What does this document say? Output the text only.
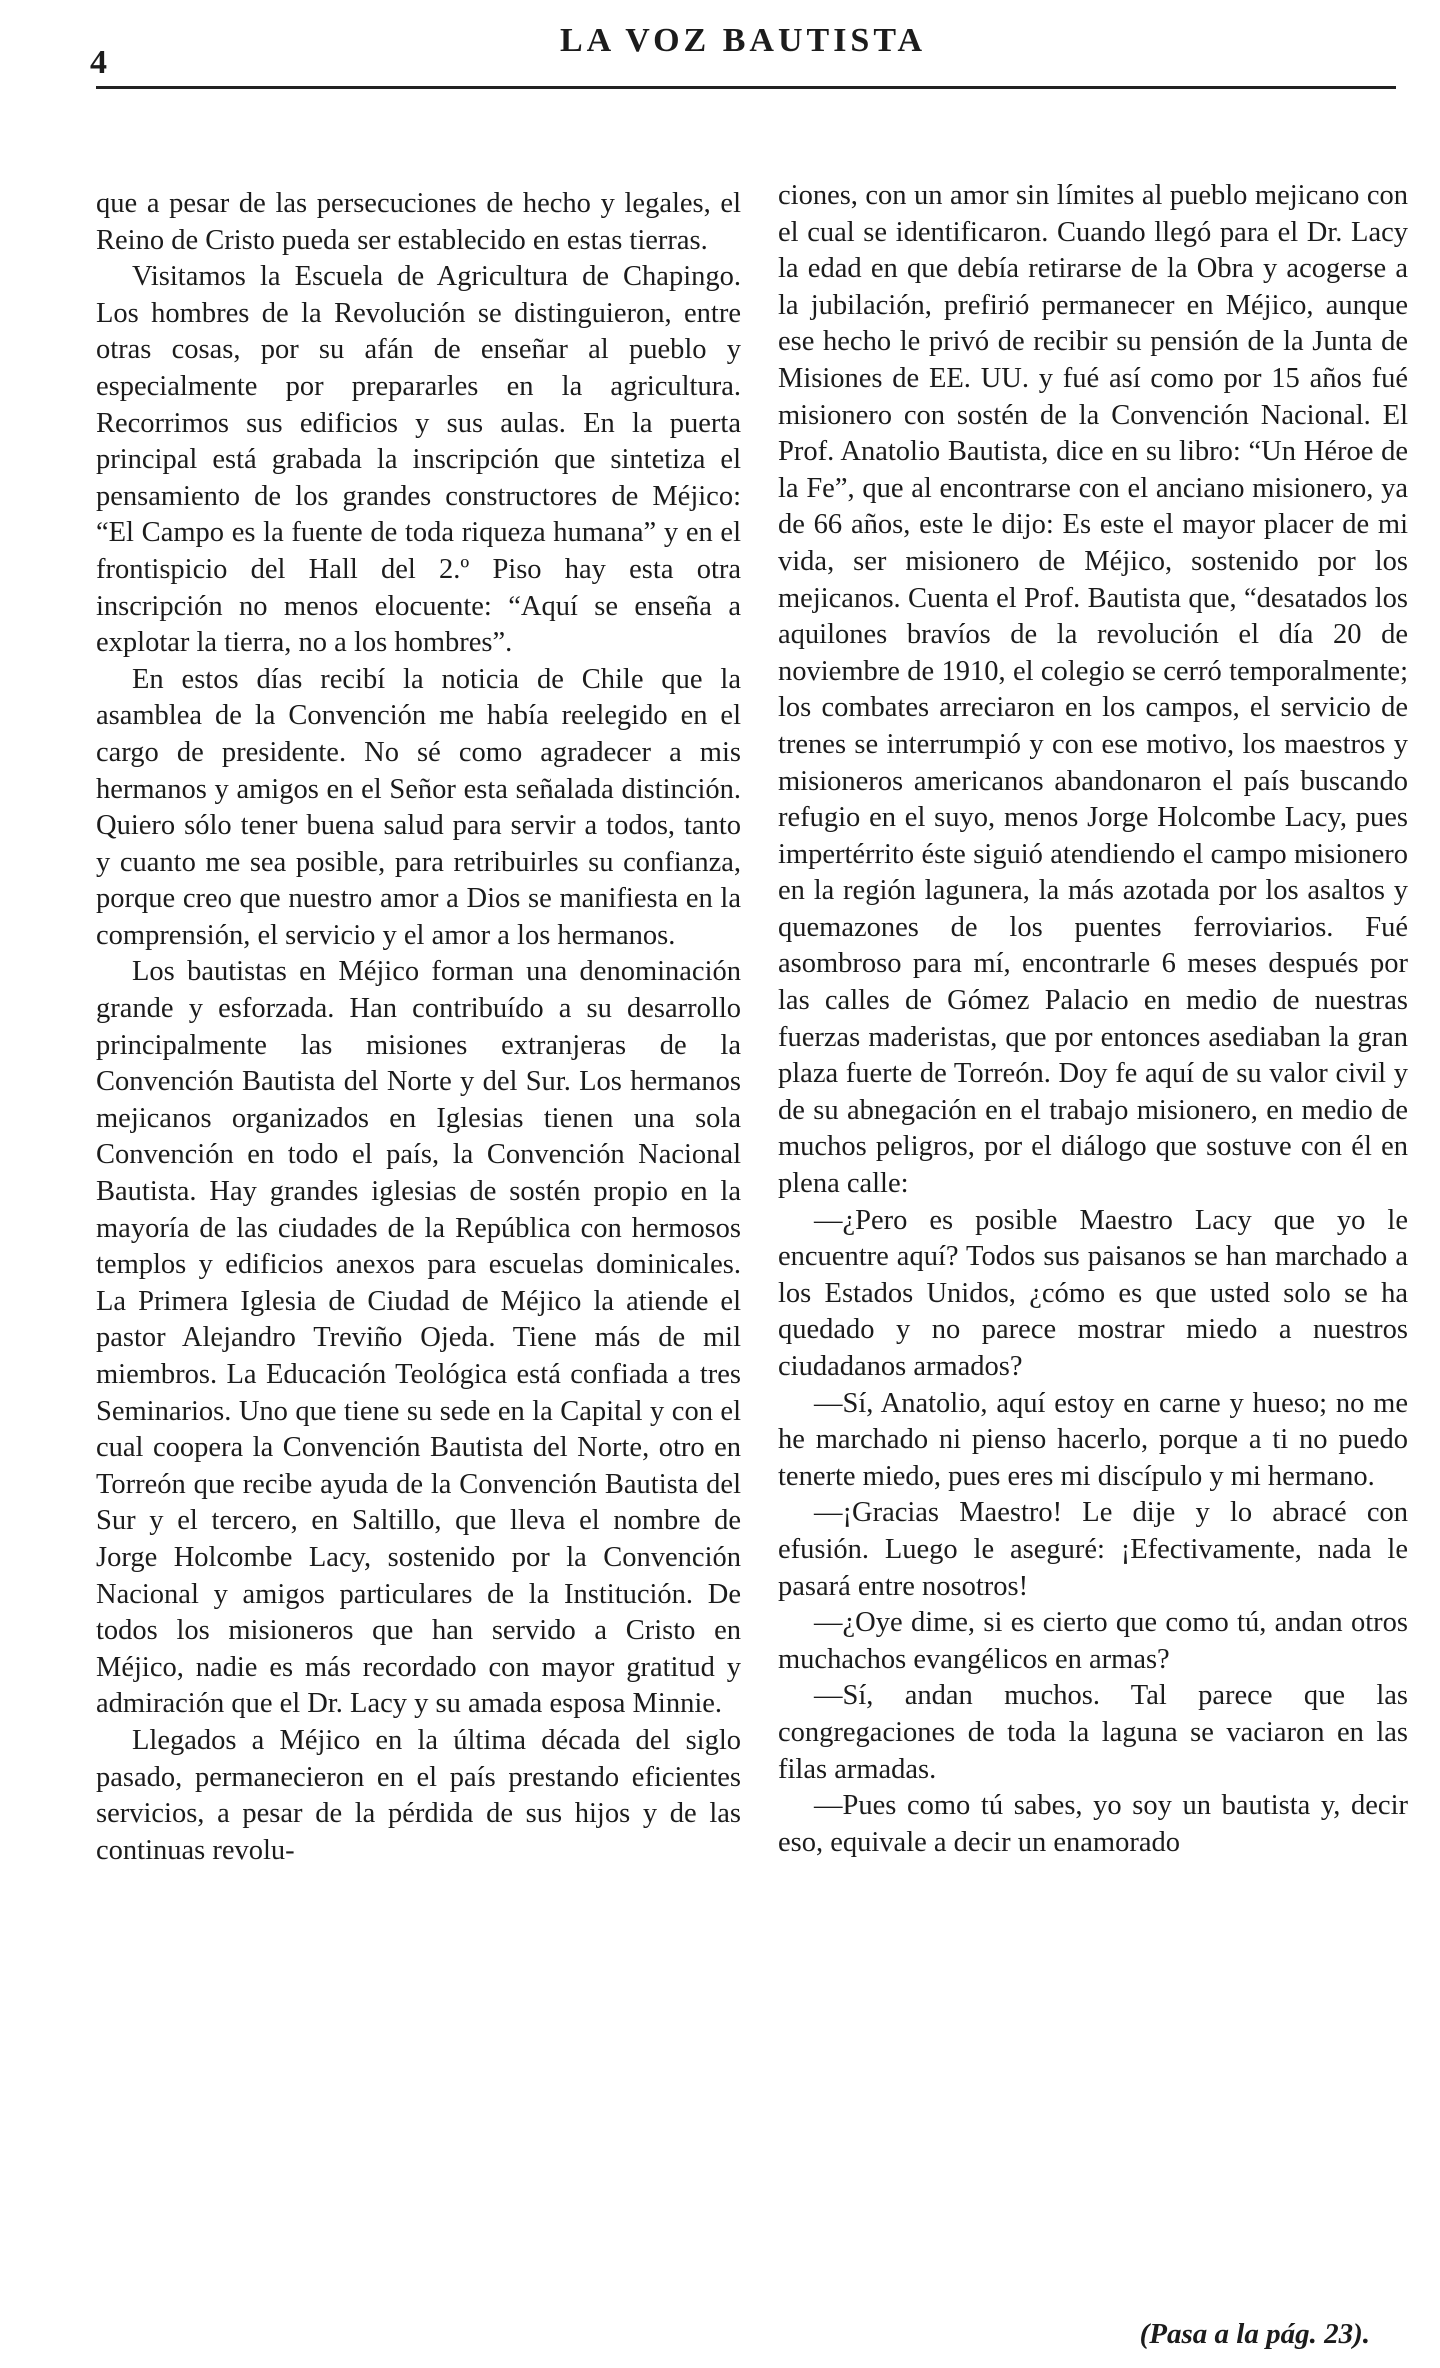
4
LA VOZ BAUTISTA

que a pesar de las persecuciones de hecho y legales, el Reino de Cristo pueda ser establecido en estas tierras.

Visitamos la Escuela de Agricultura de Chapingo. Los hombres de la Revolución se distinguieron, entre otras cosas, por su afán de enseñar al pueblo y especialmente por prepararles en la agricultura. Recorrimos sus edificios y sus aulas. En la puerta principal está grabada la inscripción que sintetiza el pensamiento de los grandes constructores de Méjico: “El Campo es la fuente de toda riqueza humana” y en el frontispicio del Hall del 2.º Piso hay esta otra inscripción no menos elocuente: “Aquí se enseña a explotar la tierra, no a los hombres”.

En estos días recibí la noticia de Chile que la asamblea de la Convención me había reelegido en el cargo de presidente. No sé como agradecer a mis hermanos y amigos en el Señor esta señalada distinción. Quiero sólo tener buena salud para servir a todos, tanto y cuanto me sea posible, para retribuirles su confianza, porque creo que nuestro amor a Dios se manifiesta en la comprensión, el servicio y el amor a los hermanos.

Los bautistas en Méjico forman una denominación grande y esforzada. Han contribuído a su desarrollo principalmente las misiones extranjeras de la Convención Bautista del Norte y del Sur. Los hermanos mejicanos organizados en Iglesias tienen una sola Convención en todo el país, la Convención Nacional Bautista. Hay grandes iglesias de sostén propio en la mayoría de las ciudades de la República con hermosos templos y edificios anexos para escuelas dominicales. La Primera Iglesia de Ciudad de Méjico la atiende el pastor Alejandro Treviño Ojeda. Tiene más de mil miembros. La Educación Teológica está confiada a tres Seminarios. Uno que tiene su sede en la Capital y con el cual coopera la Convención Bautista del Norte, otro en Torreón que recibe ayuda de la Convención Bautista del Sur y el tercero, en Saltillo, que lleva el nombre de Jorge Holcombe Lacy, sostenido por la Convención Nacional y amigos particulares de la Institución. De todos los misioneros que han servido a Cristo en Méjico, nadie es más recordado con mayor gratitud y admiración que el Dr. Lacy y su amada esposa Minnie.

Llegados a Méjico en la última década del siglo pasado, permanecieron en el país prestando eficientes servicios, a pesar de la pérdida de sus hijos y de las continuas revolu-

ciones, con un amor sin límites al pueblo mejicano con el cual se identificaron. Cuando llegó para el Dr. Lacy la edad en que debía retirarse de la Obra y acogerse a la jubilación, prefirió permanecer en Méjico, aunque ese hecho le privó de recibir su pensión de la Junta de Misiones de EE. UU. y fué así como por 15 años fué misionero con sostén de la Convención Nacional. El Prof. Anatolio Bautista, dice en su libro: “Un Héroe de la Fe”, que al encontrarse con el anciano misionero, ya de 66 años, este le dijo: Es este el mayor placer de mi vida, ser misionero de Méjico, sostenido por los mejicanos. Cuenta el Prof. Bautista que, “desatados los aquilones bravíos de la revolución el día 20 de noviembre de 1910, el colegio se cerró temporalmente; los combates arreciaron en los campos, el servicio de trenes se interrumpió y con ese motivo, los maestros y misioneros americanos abandonaron el país buscando refugio en el suyo, menos Jorge Holcombe Lacy, pues impertérrito éste siguió atendiendo el campo misionero en la región lagunera, la más azotada por los asaltos y quemazones de los puentes ferroviarios. Fué asombroso para mí, encontrarle 6 meses después por las calles de Gómez Palacio en medio de nuestras fuerzas maderistas, que por entonces asediaban la gran plaza fuerte de Torreón. Doy fe aquí de su valor civil y de su abnegación en el trabajo misionero, en medio de muchos peligros, por el diálogo que sostuve con él en plena calle:

—¿Pero es posible Maestro Lacy que yo le encuentre aquí? Todos sus paisanos se han marchado a los Estados Unidos, ¿cómo es que usted solo se ha quedado y no parece mostrar miedo a nuestros ciudadanos armados?

—Sí, Anatolio, aquí estoy en carne y hueso; no me he marchado ni pienso hacerlo, porque a ti no puedo tenerte miedo, pues eres mi discípulo y mi hermano.

—¡Gracias Maestro! Le dije y lo abracé con efusión. Luego le aseguré: ¡Efectivamente, nada le pasará entre nosotros!

—¿Oye dime, si es cierto que como tú, andan otros muchachos evangélicos en armas?

—Sí, andan muchos. Tal parece que las congregaciones de toda la laguna se vaciaron en las filas armadas.

—Pues como tú sabes, yo soy un bautista y, decir eso, equivale a decir un enamorado

(Pasa a la pág. 23).
